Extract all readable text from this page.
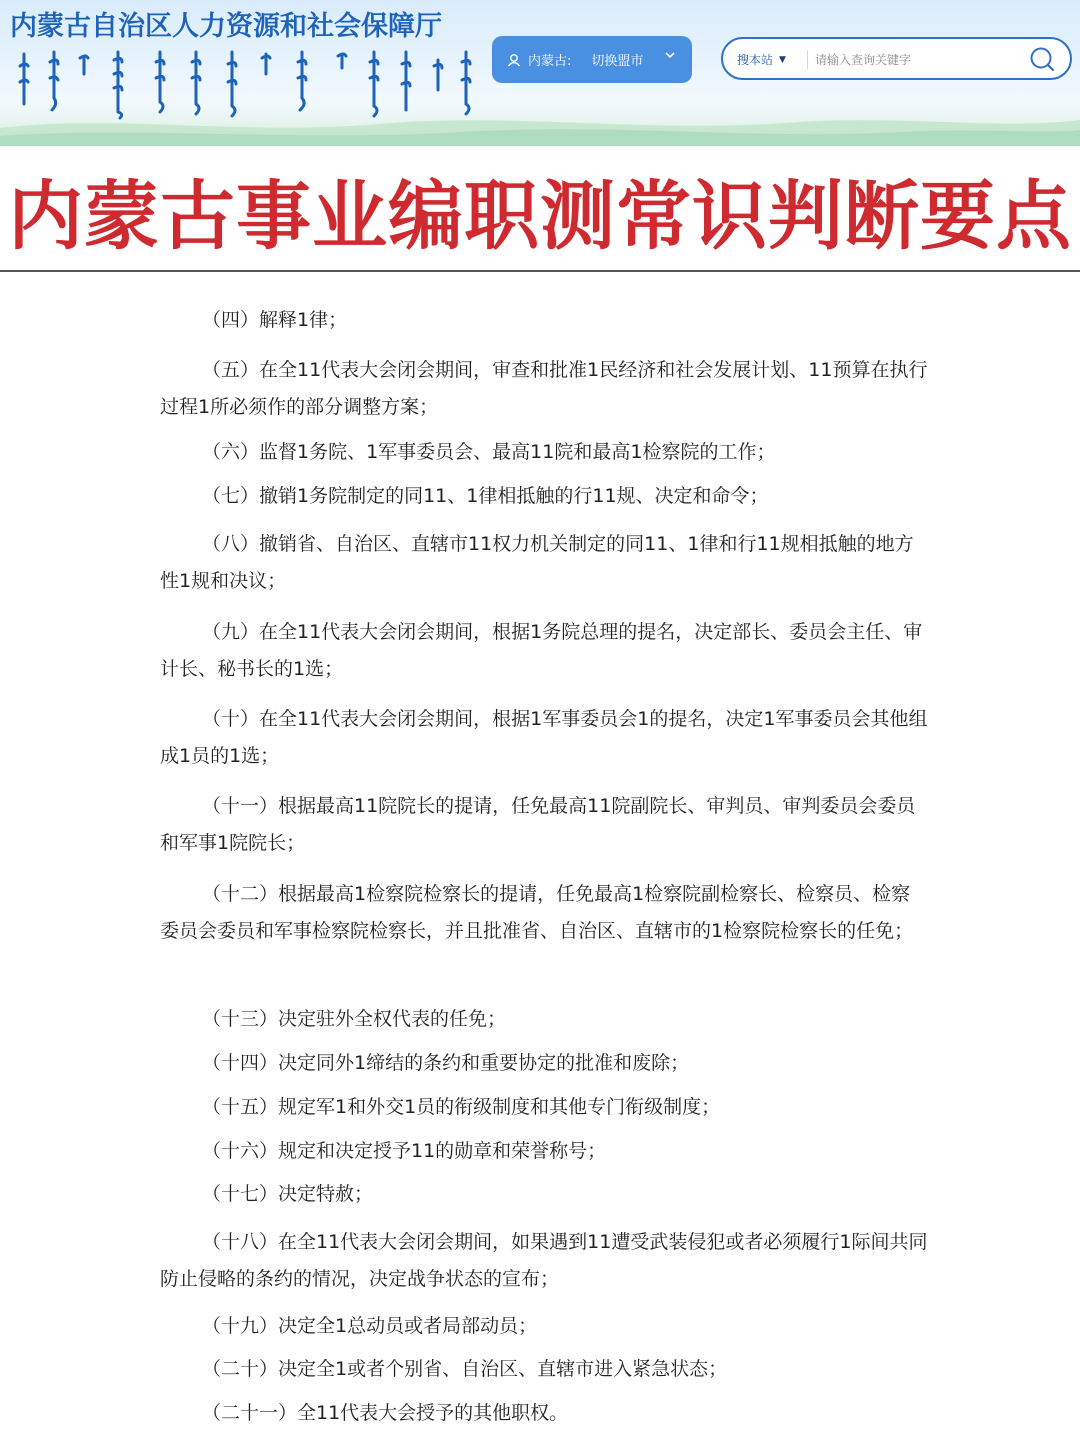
内蒙古自治区人力资源和社会保障厅
内蒙古: 切换盟市	搜本站 ▼
请输入查询关键字
内蒙古事业编职测常识判断要点

（四）解释1律；

（五）在全11代表大会闭会期间，审查和批准1民经济和社会发展计划、11预算在执行过程1所必须作的部分调整方案；

（六）监督1务院、1军事委员会、最高11院和最高1检察院的工作；

（七）撤销1务院制定的同11、1律相抵触的行11规、决定和命令；

（八）撤销省、自治区、直辖市11权力机关制定的同11、1律和行11规相抵触的地方性1规和决议；

（九）在全11代表大会闭会期间，根据1务院总理的提名，决定部长、委员会主任、审计长、秘书长的1选；

（十）在全11代表大会闭会期间，根据1军事委员会1的提名，决定1军事委员会其他组成1员的1选；

（十一）根据最高11院院长的提请，任免最高11院副院长、审判员、审判委员会委员和军事1院院长；

（十二）根据最高1检察院检察长的提请，任免最高1检察院副检察长、检察员、检察委员会委员和军事检察院检察长，并且批准省、自治区、直辖市的1检察院检察长的任免；

（十三）决定驻外全权代表的任免；

（十四）决定同外1缔结的条约和重要协定的批准和废除；

（十五）规定军1和外交1员的衔级制度和其他专门衔级制度；

（十六）规定和决定授予11的勋章和荣誉称号；

（十七）决定特赦；

（十八）在全11代表大会闭会期间，如果遇到11遭受武装侵犯或者必须履行1际间共同防止侵略的条约的情况，决定战争状态的宣布；

（十九）决定全1总动员或者局部动员；

（二十）决定全1或者个别省、自治区、直辖市进入紧急状态；

（二十一）全11代表大会授予的其他职权。
